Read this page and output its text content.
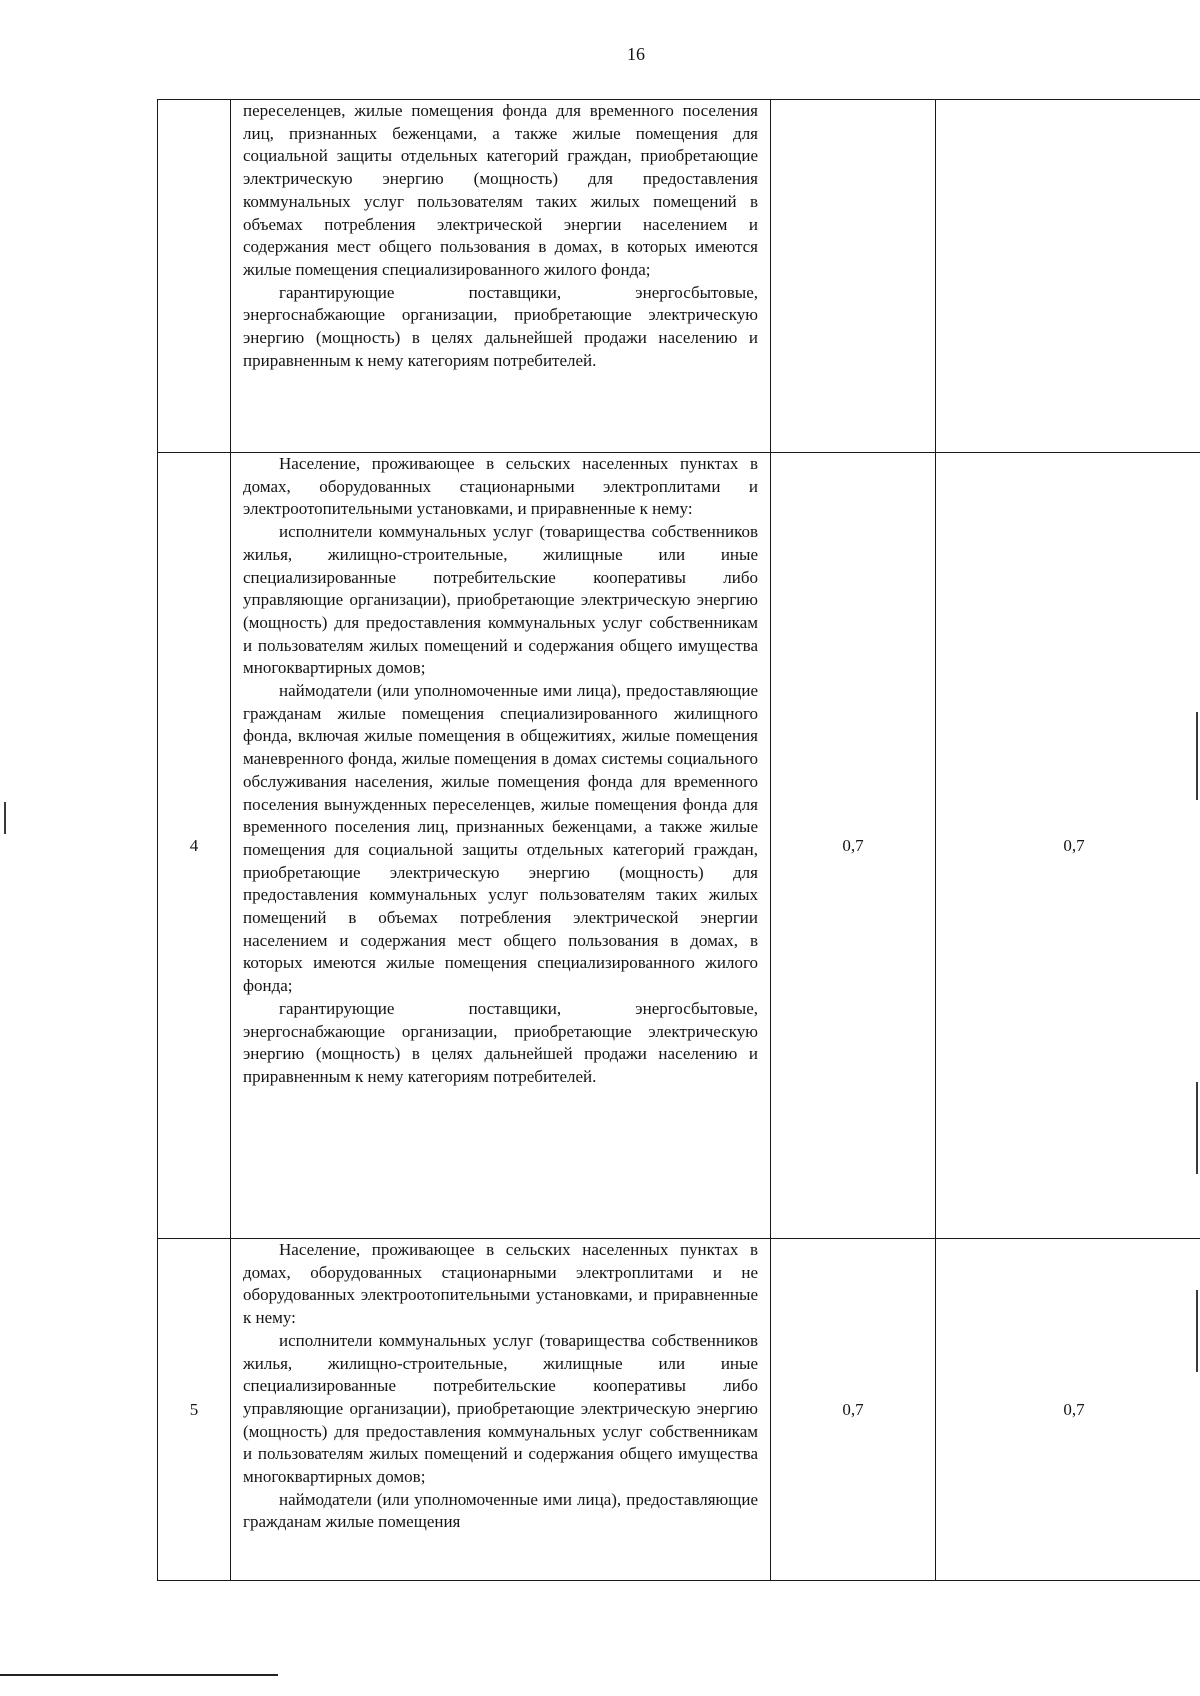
16

	переселенцев, жилые помещения фонда для временного поселения лиц, признанных беженцами, а также жилые помещения для социальной защиты отдельных категорий граждан, приобретающие электрическую энергию (мощность) для предоставления коммунальных услуг пользователям таких жилых помещений в объемах потребления электрической энергии населением и содержания мест общего пользования в домах, в которых имеются жилые помещения специализированного жилого фонда;

гарантирующие поставщики, энергосбытовые, энергоснабжающие организации, приобретающие электрическую энергию (мощность) в целях дальнейшей продажи населению и приравненным к нему категориям потребителей.		

4	Население, проживающее в сельских населенных пунктах в домах, оборудованных стационарными электроплитами и электроотопительными установками, и приравненные к нему:

исполнители коммунальных услуг (товарищества собственников жилья, жилищно-строительные, жилищные или иные специализированные потребительские кооперативы либо управляющие организации), приобретающие электрическую энергию (мощность) для предоставления коммунальных услуг собственникам и пользователям жилых помещений и содержания общего имущества многоквартирных домов;

наймодатели (или уполномоченные ими лица), предоставляющие гражданам жилые помещения специализированного жилищного фонда, включая жилые помещения в общежитиях, жилые помещения маневренного фонда, жилые помещения в домах системы социального обслуживания населения, жилые помещения фонда для временного поселения вынужденных переселенцев, жилые помещения фонда для временного поселения лиц, признанных беженцами, а также жилые помещения для социальной защиты отдельных категорий граждан, приобретающие электрическую энергию (мощность) для предоставления коммунальных услуг пользователям таких жилых помещений в объемах потребления электрической энергии населением и содержания мест общего пользования в домах, в которых имеются жилые помещения специализированного жилого фонда;

гарантирующие поставщики, энергосбытовые, энергоснабжающие организации, приобретающие электрическую энергию (мощность) в целях дальнейшей продажи населению и приравненным к нему категориям потребителей.	0,7	0,7
5	Население, проживающее в сельских населенных пунктах в домах, оборудованных стационарными электроплитами и не оборудованных электроотопительными установками, и приравненные к нему:

исполнители коммунальных услуг (товарищества собственников жилья, жилищно-строительные, жилищные или иные специализированные потребительские кооперативы либо управляющие организации), приобретающие электрическую энергию (мощность) для предоставления коммунальных услуг собственникам и пользователям жилых помещений и содержания общего имущества многоквартирных домов;

наймодатели (или уполномоченные ими лица), предоставляющие гражданам жилые помещения	0,7	0,7
